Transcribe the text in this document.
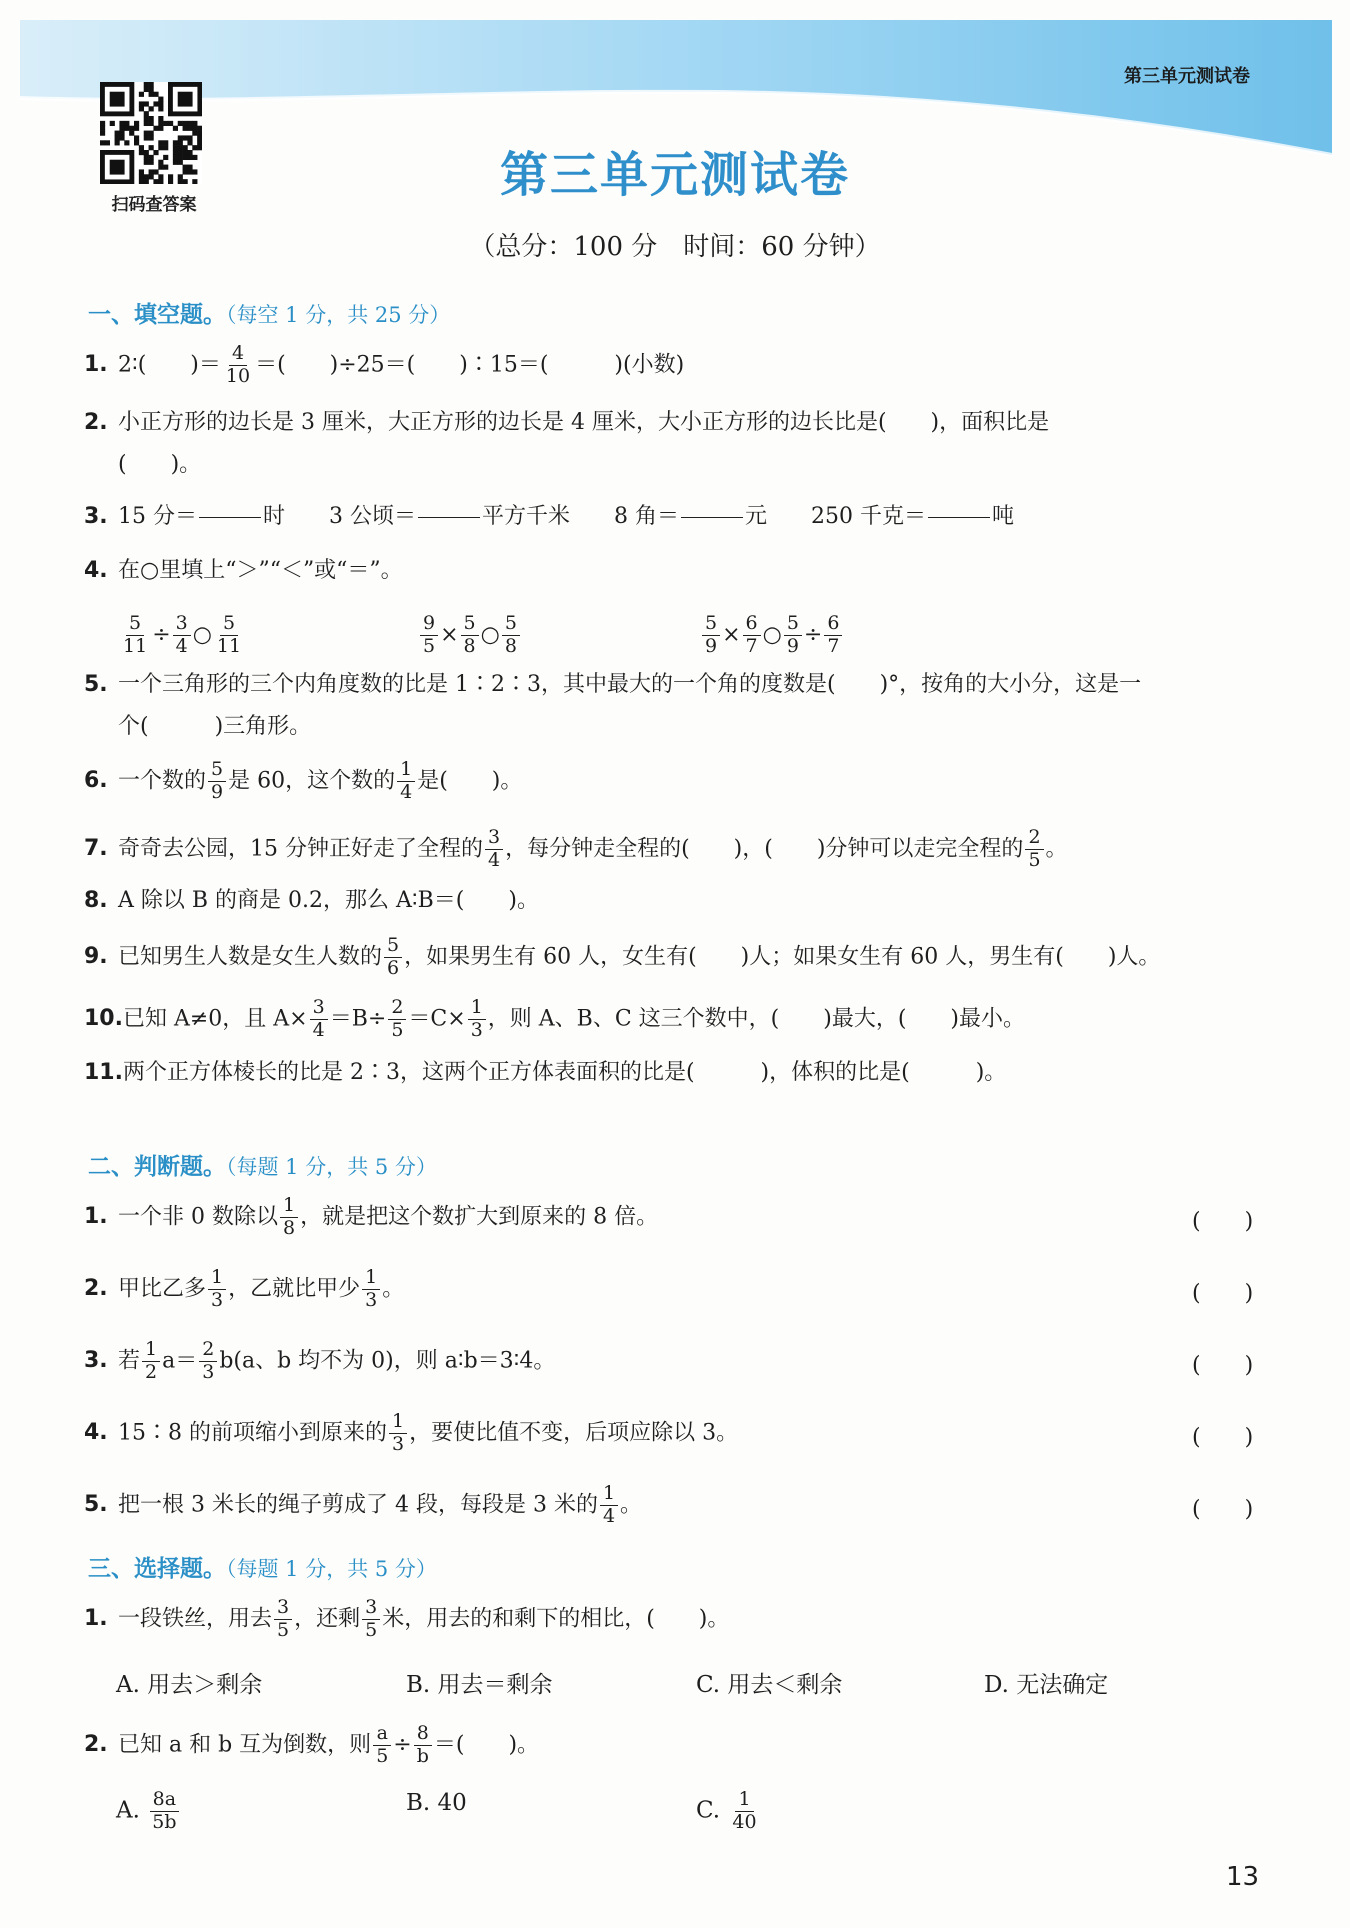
第三单元测试卷
扫码查答案
第三单元测试卷
（总分：100 分　时间：60 分钟）
一、填空题。（每空 1 分，共 25 分）
二、判断题。（每题 1 分，共 5 分）
三、选择题。（每题 1 分，共 5 分）
1. 2∶(　　)＝ $\frac{4}{10}$ ＝(　　)÷25＝(　　)∶15＝(　　　)(小数)
2. 小正方形的边长是 3 厘米，大正方形的边长是 4 厘米，大小正方形的边长比是(　　)，面积比是
(　　)。
3. 15 分＝	时　　3 公顷＝	平方千米　　8 角＝	元　　250 千克＝	吨
4. 在○里填上“＞”“＜”或“＝”。
5. 一个三角形的三个内角度数的比是 1∶2∶3，其中最大的一个角的度数是(　　)°，按角的大小分，这是一
个(　　　)三角形。
6. 一个数的 $\frac{5}{9}$ 是 60，这个数的 $\frac{1}{4}$ 是(　　)。
7. 奇奇去公园，15 分钟正好走了全程的 $\frac{3}{4}$ ，每分钟走全程的(　　)，(　　)分钟可以走完全程的 $\frac{2}{5}$ 。
8. A 除以 B 的商是 0.2，那么 A∶B＝(　　)。
9. 已知男生人数是女生人数的 $\frac{5}{6}$ ，如果男生有 60 人，女生有(　　)人；如果女生有 60 人，男生有(　　)人。
10.已知 A≠0，且 $A\times \frac{3}{4} =B\div \frac{2}{5} =C\times \frac{1}{3}$ ，则 A、B、C 这三个数中，(　　)最大，(　　)最小。
11.两个正方体棱长的比是 2∶3，这两个正方体表面积的比是(　　　)，体积的比是(　　　)。
$\frac{5}{11} \div \frac{3}{4}$ ○ $\frac{5}{11}$	$\frac{9}{5} \times \frac{5}{8}$ ○ $\frac{5}{8}$	$\frac{5}{9} \times \frac{6}{7}$ ○ $\frac{5}{9} \div \frac{6}{7}$
1. 一个非 0 数除以 $\frac{1}{8}$ ，就是把这个数扩大到原来的 8 倍。	(　　)
2. 甲比乙多 $\frac{1}{3}$ ，乙就比甲少 $\frac{1}{3}$ 。	(　　)
3. 若 $\frac{1}{2} a= \frac{2}{3} b(a$、b 均不为 0)，则 a∶b＝3∶4。	(　　)
4. 15∶8 的前项缩小到原来的 $\frac{1}{3}$ ，要使比值不变，后项应除以 3。	(　　)
5. 把一根 3 米长的绳子剪成了 4 段，每段是 3 米的 $\frac{1}{4}$ 。	(　　)
1. 一段铁丝，用去 $\frac{3}{5}$ ，还剩 $\frac{3}{5}$ 米，用去的和剩下的相比，(　　)。
A. 用去＞剩余	B. 用去＝剩余	C. 用去＜剩余	D. 无法确定
2. 已知 a 和 b 互为倒数，则 $\frac{a}{5} \div \frac{8}{b}$ ＝(　　)。
A. $\frac{8a}{5b}$	B. 40	C. $\frac{1}{40}$
13
